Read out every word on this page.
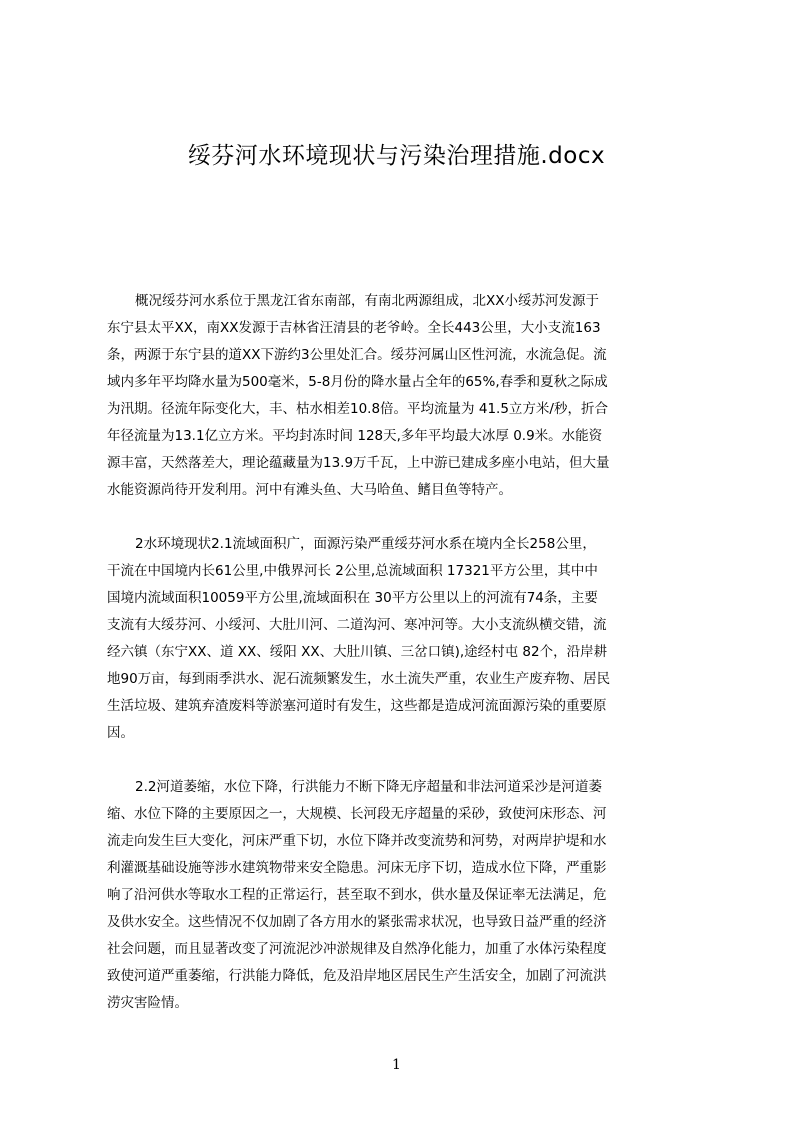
绥芬河水环境现状与污染治理措施.docx

概况绥芬河水系位于黑龙江省东南部，有南北两源组成，北XX小绥苏河发源于
东宁县太平XX，南XX发源于吉林省汪清县的老爷岭。全长443公里，大小支流163
条，两源于东宁县的道XX下游约3公里处汇合。绥芬河属山区性河流，水流急促。流
域内多年平均降水量为500毫米，5-8月份的降水量占全年的65%,春季和夏秋之际成
为汛期。径流年际变化大，丰、枯水相差10.8倍。平均流量为 41.5立方米/秒，折合
年径流量为13.1亿立方米。平均封冻时间 128天,多年平均最大冰厚 0.9米。水能资
源丰富，天然落差大，理论蕴藏量为13.9万千瓦，上中游已建成多座小电站，但大量
水能资源尚待开发利用。河中有滩头鱼、大马哈鱼、鳍目鱼等特产。

2水环境现状2.1流域面积广，面源污染严重绥芬河水系在境内全长258公里，
干流在中国境内长61公里,中俄界河长 2公里,总流域面积 17321平方公里，其中中
国境内流域面积10059平方公里,流域面积在 30平方公里以上的河流有74条，主要
支流有大绥芬河、小绥河、大肚川河、二道沟河、寒冲河等。大小支流纵横交错，流
经六镇（东宁XX、道 XX、绥阳 XX、大肚川镇、三岔口镇),途经村屯 82个，沿岸耕
地90万亩，每到雨季洪水、泥石流频繁发生，水土流失严重，农业生产废弃物、居民
生活垃圾、建筑弃渣废料等淤塞河道时有发生，这些都是造成河流面源污染的重要原
因。

2.2河道萎缩，水位下降，行洪能力不断下降无序超量和非法河道采沙是河道萎
缩、水位下降的主要原因之一，大规模、长河段无序超量的采砂，致使河床形态、河
流走向发生巨大变化，河床严重下切，水位下降并改变流势和河势，对两岸护堤和水
利灌溉基础设施等涉水建筑物带来安全隐患。河床无序下切，造成水位下降，严重影
响了沿河供水等取水工程的正常运行，甚至取不到水，供水量及保证率无法满足，危
及供水安全。这些情况不仅加剧了各方用水的紧张需求状况，也导致日益严重的经济
社会问题，而且显著改变了河流泥沙冲淤规律及自然净化能力，加重了水体污染程度
致使河道严重萎缩，行洪能力降低，危及沿岸地区居民生产生活安全，加剧了河流洪
涝灾害险情。

1
